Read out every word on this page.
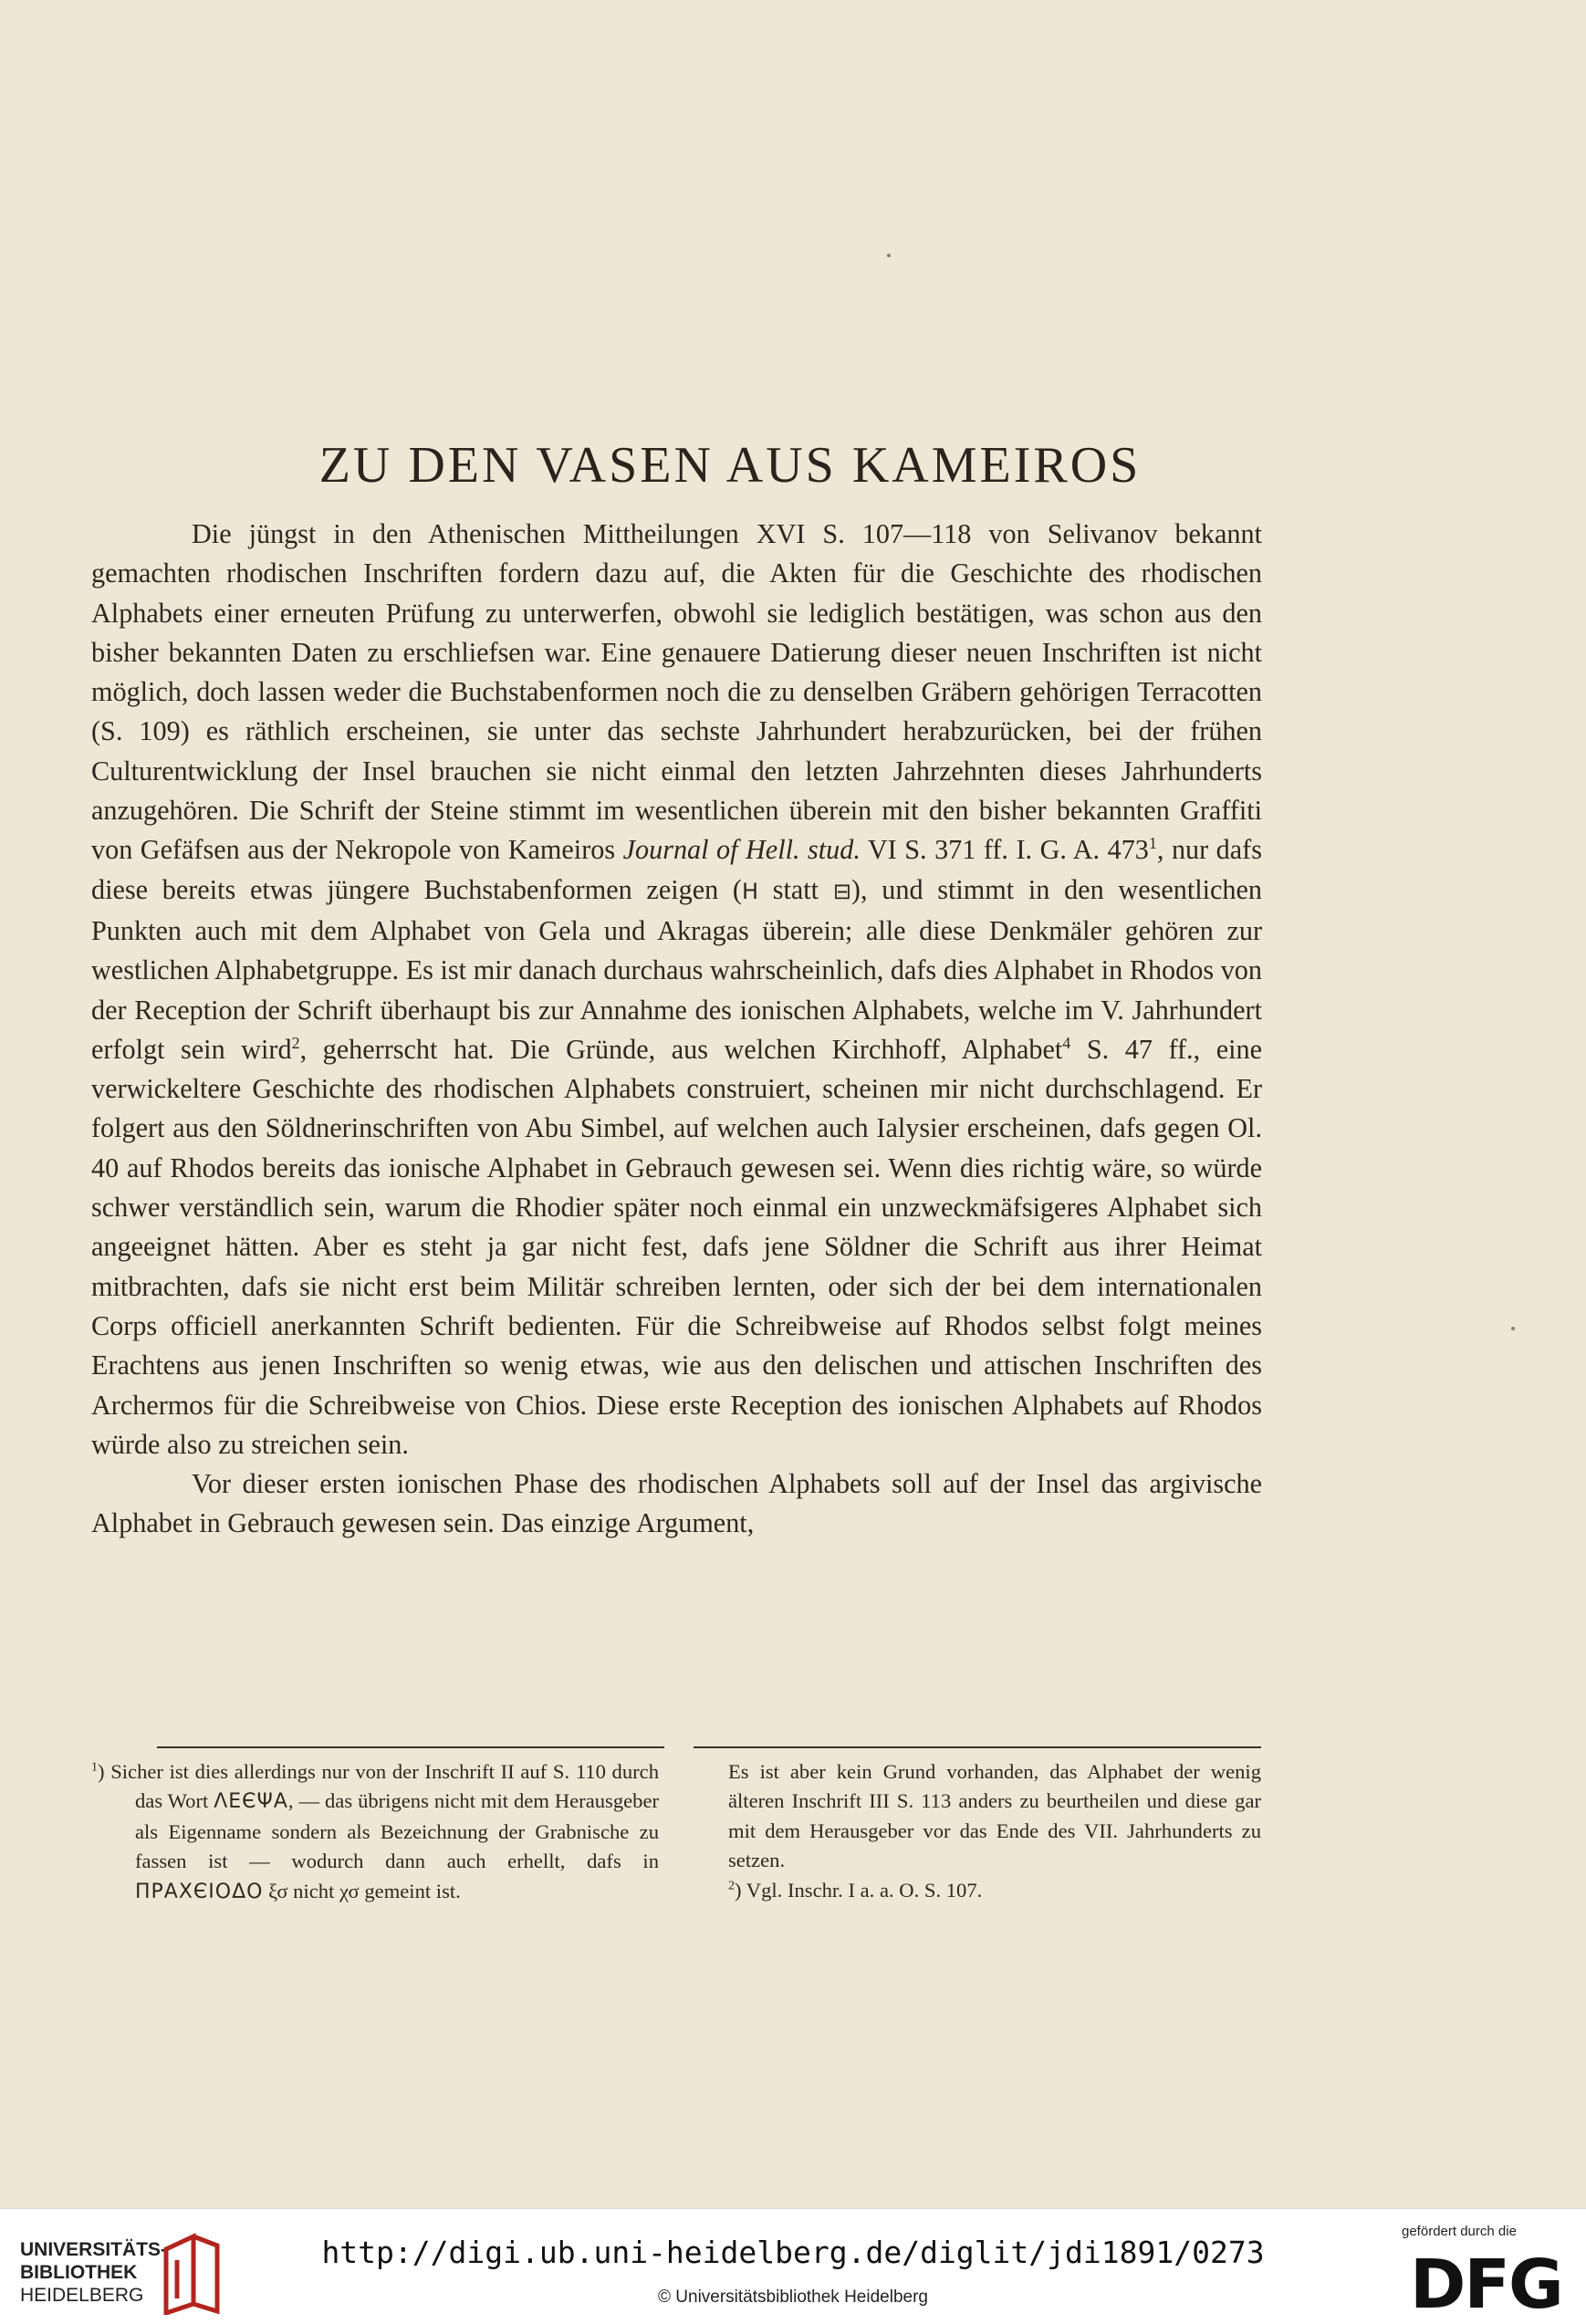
ZU DEN VASEN AUS KAMEIROS

Die jüngst in den Athenischen Mittheilungen XVI S. 107—118 von Selivanov bekannt gemachten rhodischen Inschriften fordern dazu auf, die Akten für die Geschichte des rhodischen Alphabets einer erneuten Prüfung zu unterwerfen, obwohl sie lediglich bestätigen, was schon aus den bisher bekannten Daten zu erschliefsen war. Eine genauere Datierung dieser neuen Inschriften ist nicht möglich, doch lassen weder die Buchstabenformen noch die zu denselben Gräbern gehörigen Terracotten (S. 109) es räthlich erscheinen, sie unter das sechste Jahrhundert herabzurücken, bei der frühen Culturentwicklung der Insel brauchen sie nicht einmal den letzten Jahrzehnten dieses Jahrhunderts anzugehören. Die Schrift der Steine stimmt im wesentlichen überein mit den bisher bekannten Graffiti von Gefäfsen aus der Nekropole von Kameiros Journal of Hell. stud. VI S. 371 ff. I. G. A. $473^1$, nur dafs diese bereits etwas jüngere Buchstabenformen zeigen (H statt ⊟), und stimmt in den wesentlichen Punkten auch mit dem Alphabet von Gela und Akragas überein; alle diese Denkmäler gehören zur westlichen Alphabetgruppe. Es ist mir danach durchaus wahrscheinlich, dafs dies Alphabet in Rhodos von der Reception der Schrift überhaupt bis zur Annahme des ionischen Alphabets, welche im V. Jahrhundert erfolgt sein wird$^2$, geherrscht hat. Die Gründe, aus welchen Kirchhoff, Alphabet$^4$ S. 47 ff., eine verwickeltere Geschichte des rhodischen Alphabets construiert, scheinen mir nicht durchschlagend. Er folgert aus den Söldnerinschriften von Abu Simbel, auf welchen auch Ialysier erscheinen, dafs gegen Ol. 40 auf Rhodos bereits das ionische Alphabet in Gebrauch gewesen sei. Wenn dies richtig wäre, so würde schwer verständlich sein, warum die Rhodier später noch einmal ein unzweckmäfsigeres Alphabet sich angeeignet hätten. Aber es steht ja gar nicht fest, dafs jene Söldner die Schrift aus ihrer Heimat mitbrachten, dafs sie nicht erst beim Militär schreiben lernten, oder sich der bei dem internationalen Corps officiell anerkannten Schrift bedienten. Für die Schreibweise auf Rhodos selbst folgt meines Erachtens aus jenen Inschriften so wenig etwas, wie aus den delischen und attischen Inschriften des Archermos für die Schreibweise von Chios. Diese erste Reception des ionischen Alphabets auf Rhodos würde also zu streichen sein.

Vor dieser ersten ionischen Phase des rhodischen Alphabets soll auf der Insel das argivische Alphabet in Gebrauch gewesen sein. Das einzige Argument,

$^1$) Sicher ist dies allerdings nur von der Inschrift II auf S. 110 durch das Wort ΛΕЄΨΑ, — das übrigens nicht mit dem Herausgeber als Eigenname sondern als Bezeichnung der Grabnische zu fassen ist — wodurch dann auch erhellt, dafs in ΠΡΑΧЄΙΟΔΟ ξσ nicht χσ gemeint ist.

Es ist aber kein Grund vorhanden, das Alphabet der wenig älteren Inschrift III S. 113 anders zu beurtheilen und diese gar mit dem Herausgeber vor das Ende des VII. Jahrhunderts zu setzen.

$^2$) Vgl. Inschr. I a. a. O. S. 107.

UNIVERSITÄTS-
BIBLIOTHEK
HEIDELBERG
http://digi.ub.uni-heidelberg.de/diglit/jdi1891/0273
© Universitätsbibliothek Heidelberg
gefördert durch die
DFG
